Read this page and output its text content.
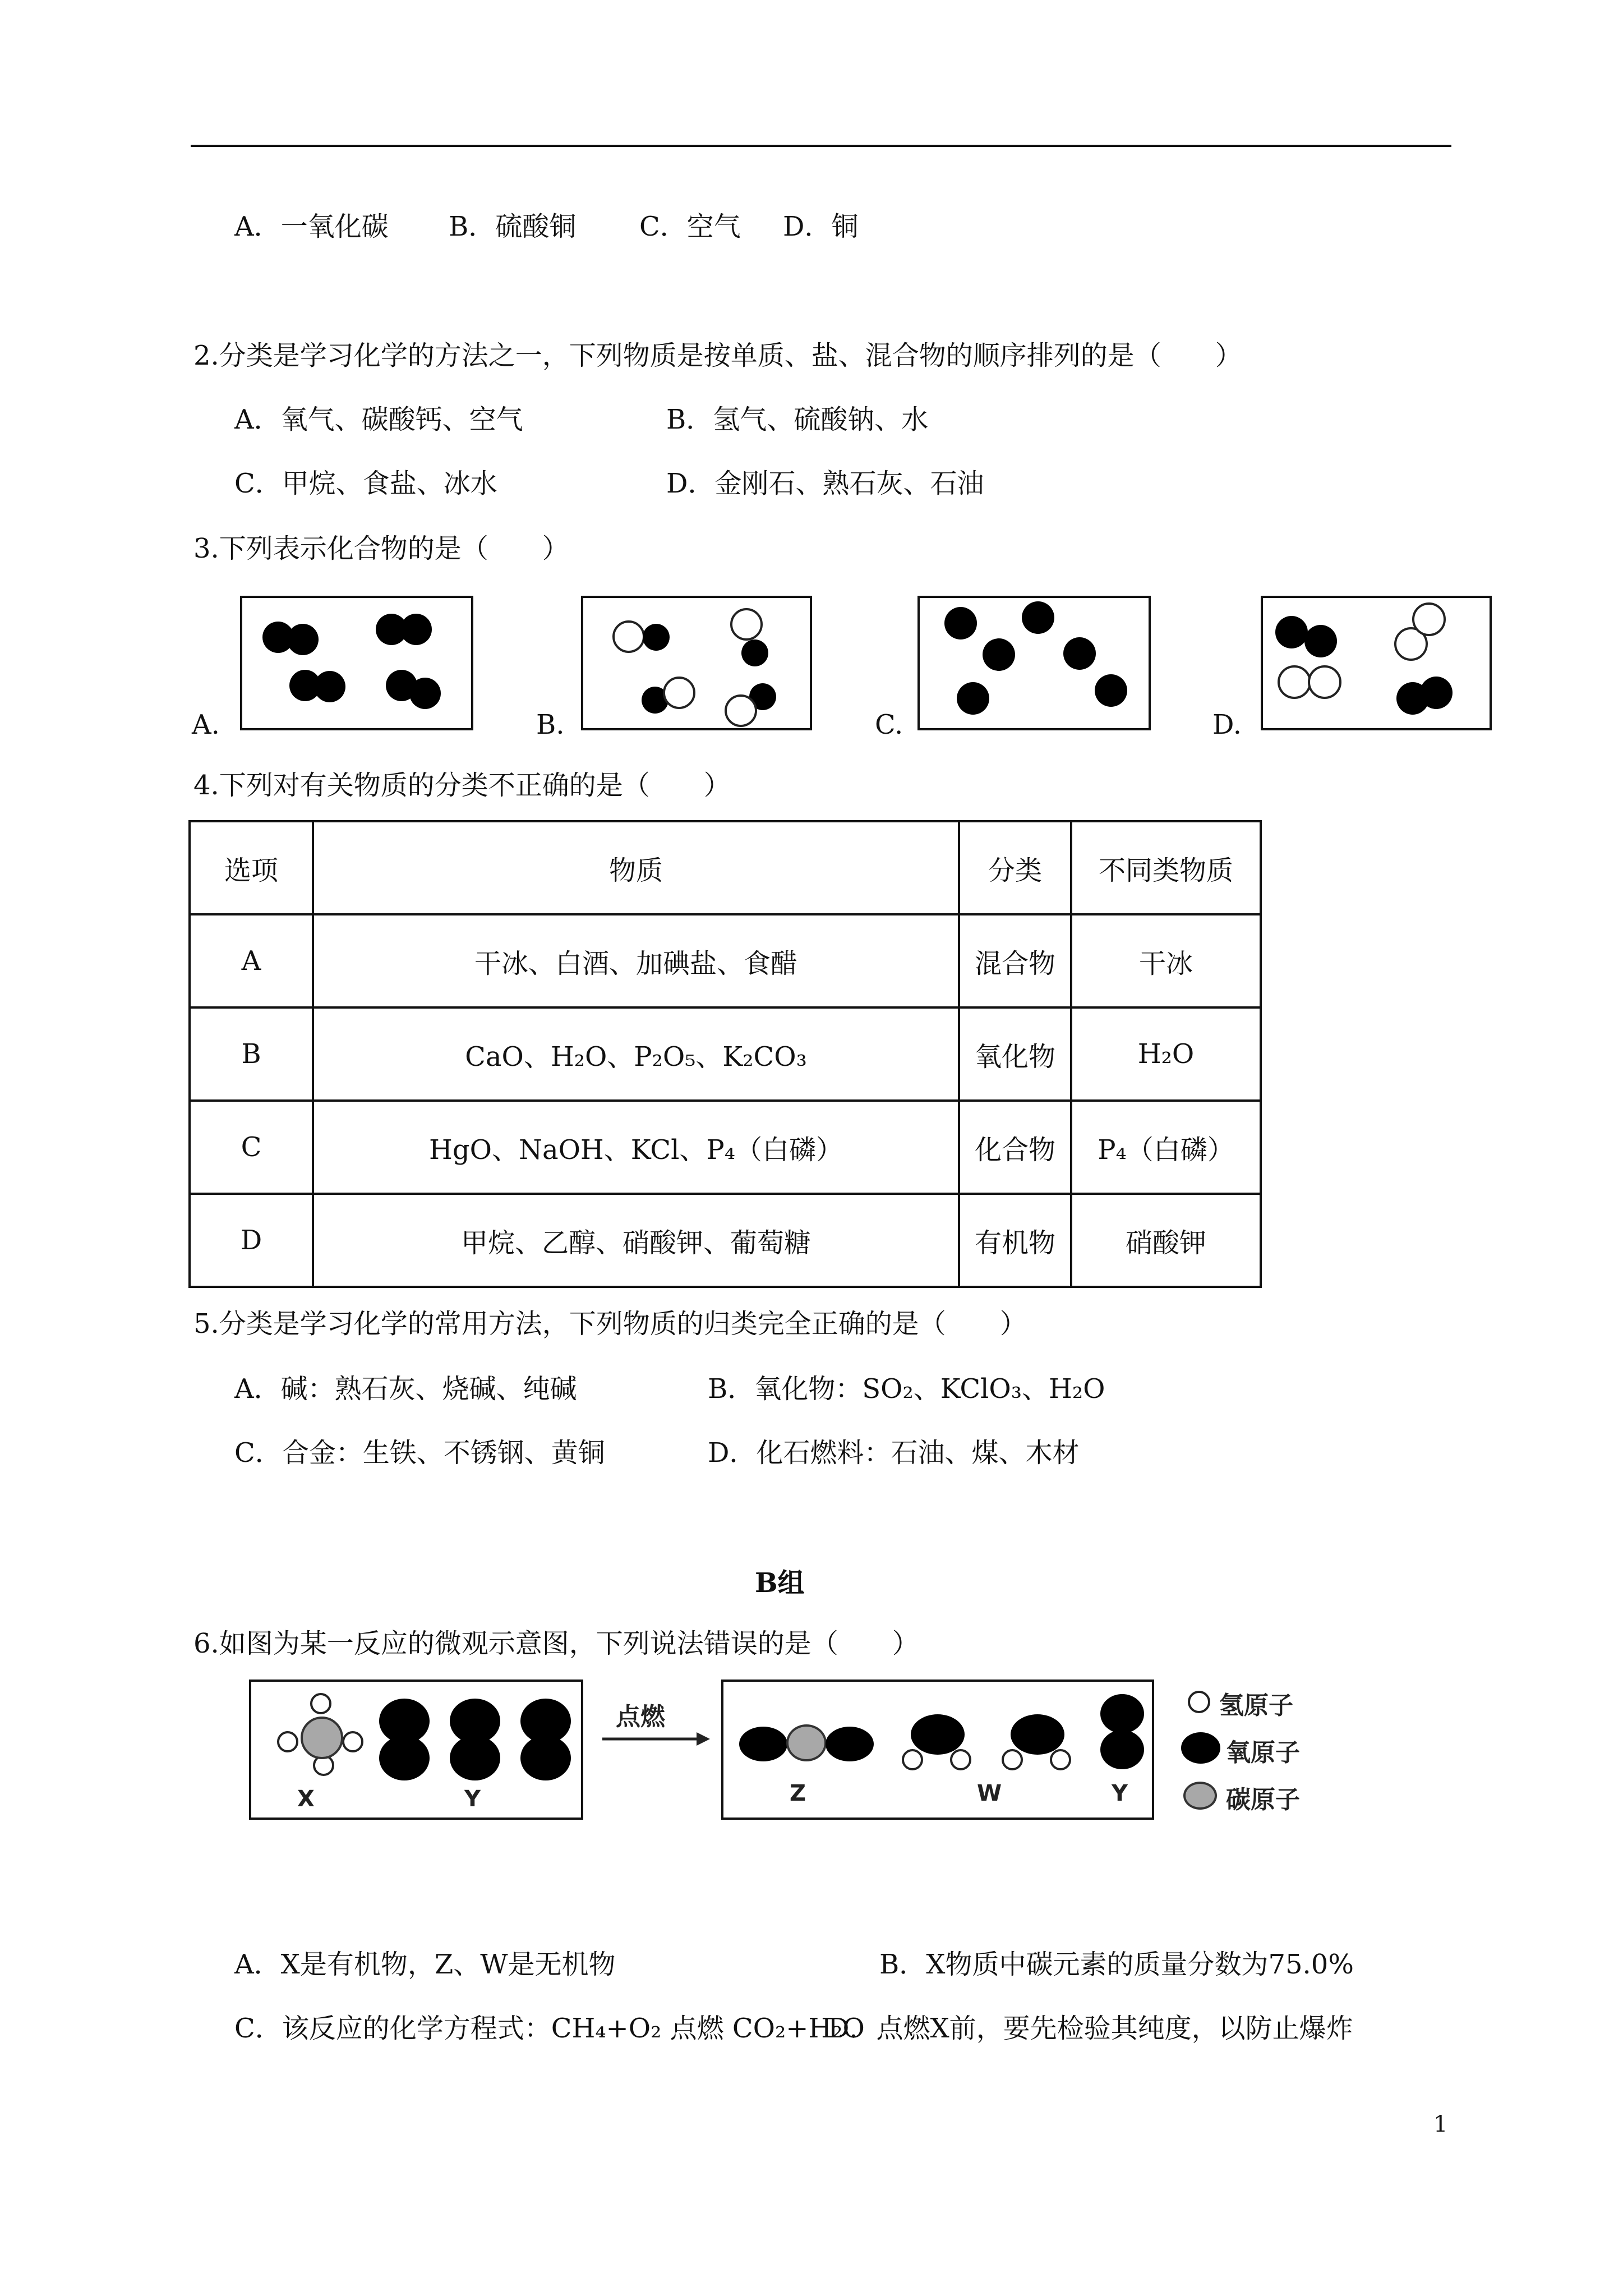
A．一氧化碳 B．硫酸铜 C．空气 D．铜
2.分类是学习化学的方法之一，下列物质是按单质、盐、混合物的顺序排列的是（　　）
A．氧气、碳酸钙、空气	B．氢气、硫酸钠、水
C．甲烷、食盐、冰水	D．金刚石、熟石灰、石油
3.下列表示化合物的是（　　）
A.	B.	C.	D.
4.下列对有关物质的分类不正确的是（　　）
选项	物质	分类	不同类物质
A	干冰、白酒、加碘盐、食醋	混合物	干冰
B	CaO、H₂O、P₂O₅、K₂CO₃	氧化物	H₂O
C	HgO、NaOH、KCl、P₄（白磷）	化合物	P₄（白磷）
D	甲烷、乙醇、硝酸钾、葡萄糖	有机物	硝酸钾
5.分类是学习化学的常用方法，下列物质的归类完全正确的是（　　）
A．碱：熟石灰、烧碱、纯碱	B．氧化物：SO₂、KClO₃、H₂O
C．合金：生铁、不锈钢、黄铜	D．化石燃料：石油、煤、木材
B组
6.如图为某一反应的微观示意图，下列说法错误的是（　　）
X	Y
点燃
Z	W	Y
氢原子
氧原子
碳原子
A．X是有机物，Z、W是无机物	B．X物质中碳元素的质量分数为75.0%
C．该反应的化学方程式：CH₄+O₂ 点燃 CO₂+H₂O
D．点燃X前，要先检验其纯度，以防止爆炸
1
